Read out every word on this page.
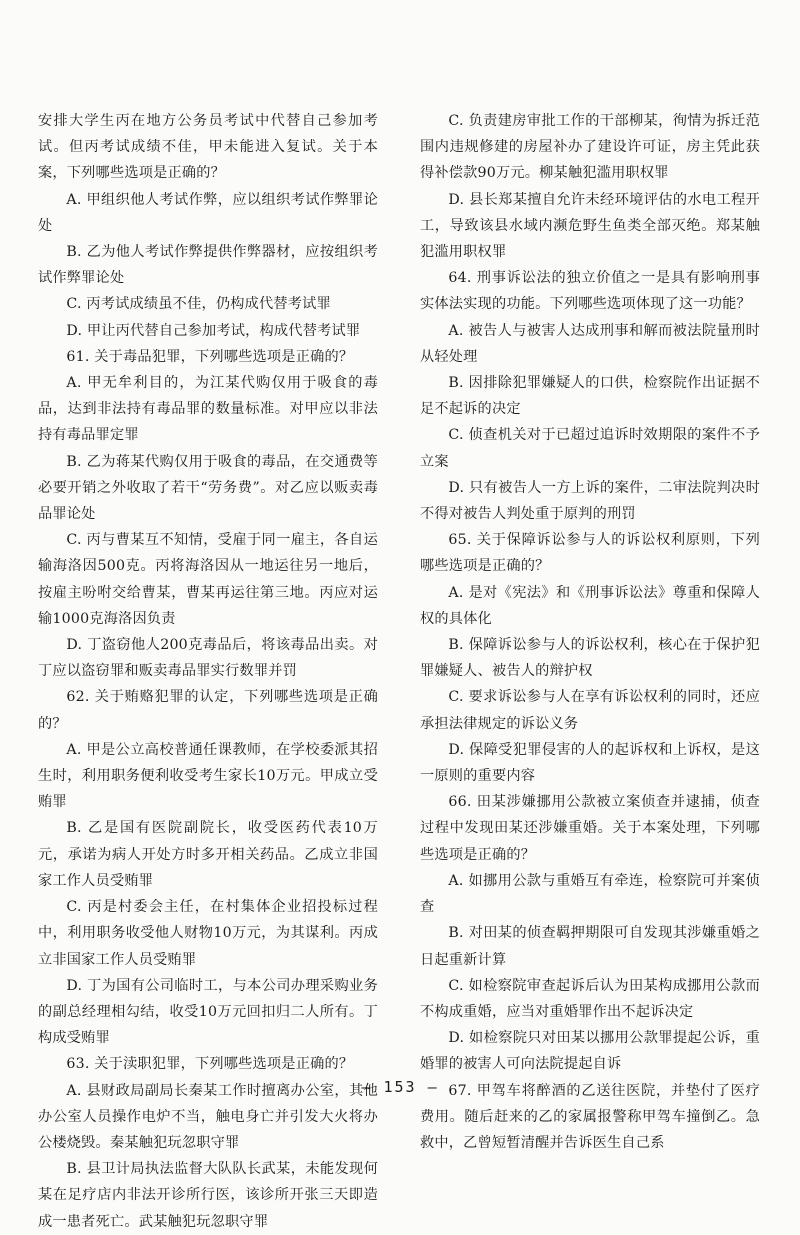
安排大学生丙在地方公务员考试中代替自己参加考试。但丙考试成绩不佳，甲未能进入复试。关于本案，下列哪些选项是正确的？

A. 甲组织他人考试作弊，应以组织考试作弊罪论处

B. 乙为他人考试作弊提供作弊器材，应按组织考试作弊罪论处

C. 丙考试成绩虽不佳，仍构成代替考试罪

D. 甲让丙代替自己参加考试，构成代替考试罪

61. 关于毒品犯罪，下列哪些选项是正确的？

A. 甲无牟利目的，为江某代购仅用于吸食的毒品，达到非法持有毒品罪的数量标准。对甲应以非法持有毒品罪定罪

B. 乙为蒋某代购仅用于吸食的毒品，在交通费等必要开销之外收取了若干“劳务费”。对乙应以贩卖毒品罪论处

C. 丙与曹某互不知情，受雇于同一雇主，各自运输海洛因500克。丙将海洛因从一地运往另一地后，按雇主吩咐交给曹某，曹某再运往第三地。丙应对运输1000克海洛因负责

D. 丁盗窃他人200克毒品后，将该毒品出卖。对丁应以盗窃罪和贩卖毒品罪实行数罪并罚

62. 关于贿赂犯罪的认定，下列哪些选项是正确的？

A. 甲是公立高校普通任课教师，在学校委派其招生时，利用职务便利收受考生家长10万元。甲成立受贿罪

B. 乙是国有医院副院长，收受医药代表10万元，承诺为病人开处方时多开相关药品。乙成立非国家工作人员受贿罪

C. 丙是村委会主任，在村集体企业招投标过程中，利用职务收受他人财物10万元，为其谋利。丙成立非国家工作人员受贿罪

D. 丁为国有公司临时工，与本公司办理采购业务的副总经理相勾结，收受10万元回扣归二人所有。丁构成受贿罪

63. 关于渎职犯罪，下列哪些选项是正确的？

A. 县财政局副局长秦某工作时擅离办公室，其他办公室人员操作电炉不当，触电身亡并引发大火将办公楼烧毁。秦某触犯玩忽职守罪

B. 县卫计局执法监督大队队长武某，未能发现何某在足疗店内非法开诊所行医，该诊所开张三天即造成一患者死亡。武某触犯玩忽职守罪

C. 负责建房审批工作的干部柳某，徇情为拆迁范围内违规修建的房屋补办了建设许可证，房主凭此获得补偿款90万元。柳某触犯滥用职权罪

D. 县长郑某擅自允许未经环境评估的水电工程开工，导致该县水域内濒危野生鱼类全部灭绝。郑某触犯滥用职权罪

64. 刑事诉讼法的独立价值之一是具有影响刑事实体法实现的功能。下列哪些选项体现了这一功能？

A. 被告人与被害人达成刑事和解而被法院量刑时从轻处理

B. 因排除犯罪嫌疑人的口供，检察院作出证据不足不起诉的决定

C. 侦查机关对于已超过追诉时效期限的案件不予立案

D. 只有被告人一方上诉的案件，二审法院判决时不得对被告人判处重于原判的刑罚

65. 关于保障诉讼参与人的诉讼权利原则，下列哪些选项是正确的？

A. 是对《宪法》和《刑事诉讼法》尊重和保障人权的具体化

B. 保障诉讼参与人的诉讼权利，核心在于保护犯罪嫌疑人、被告人的辩护权

C. 要求诉讼参与人在享有诉讼权利的同时，还应承担法律规定的诉讼义务

D. 保障受犯罪侵害的人的起诉权和上诉权，是这一原则的重要内容

66. 田某涉嫌挪用公款被立案侦查并逮捕，侦查过程中发现田某还涉嫌重婚。关于本案处理，下列哪些选项是正确的？

A. 如挪用公款与重婚互有牵连，检察院可并案侦查

B. 对田某的侦查羁押期限可自发现其涉嫌重婚之日起重新计算

C. 如检察院审查起诉后认为田某构成挪用公款而不构成重婚，应当对重婚罪作出不起诉决定

D. 如检察院只对田某以挪用公款罪提起公诉，重婚罪的被害人可向法院提起自诉

67. 甲驾车将醉酒的乙送往医院，并垫付了医疗费用。随后赶来的乙的家属报警称甲驾车撞倒乙。急救中，乙曾短暂清醒并告诉医生自己系

— 153 —
